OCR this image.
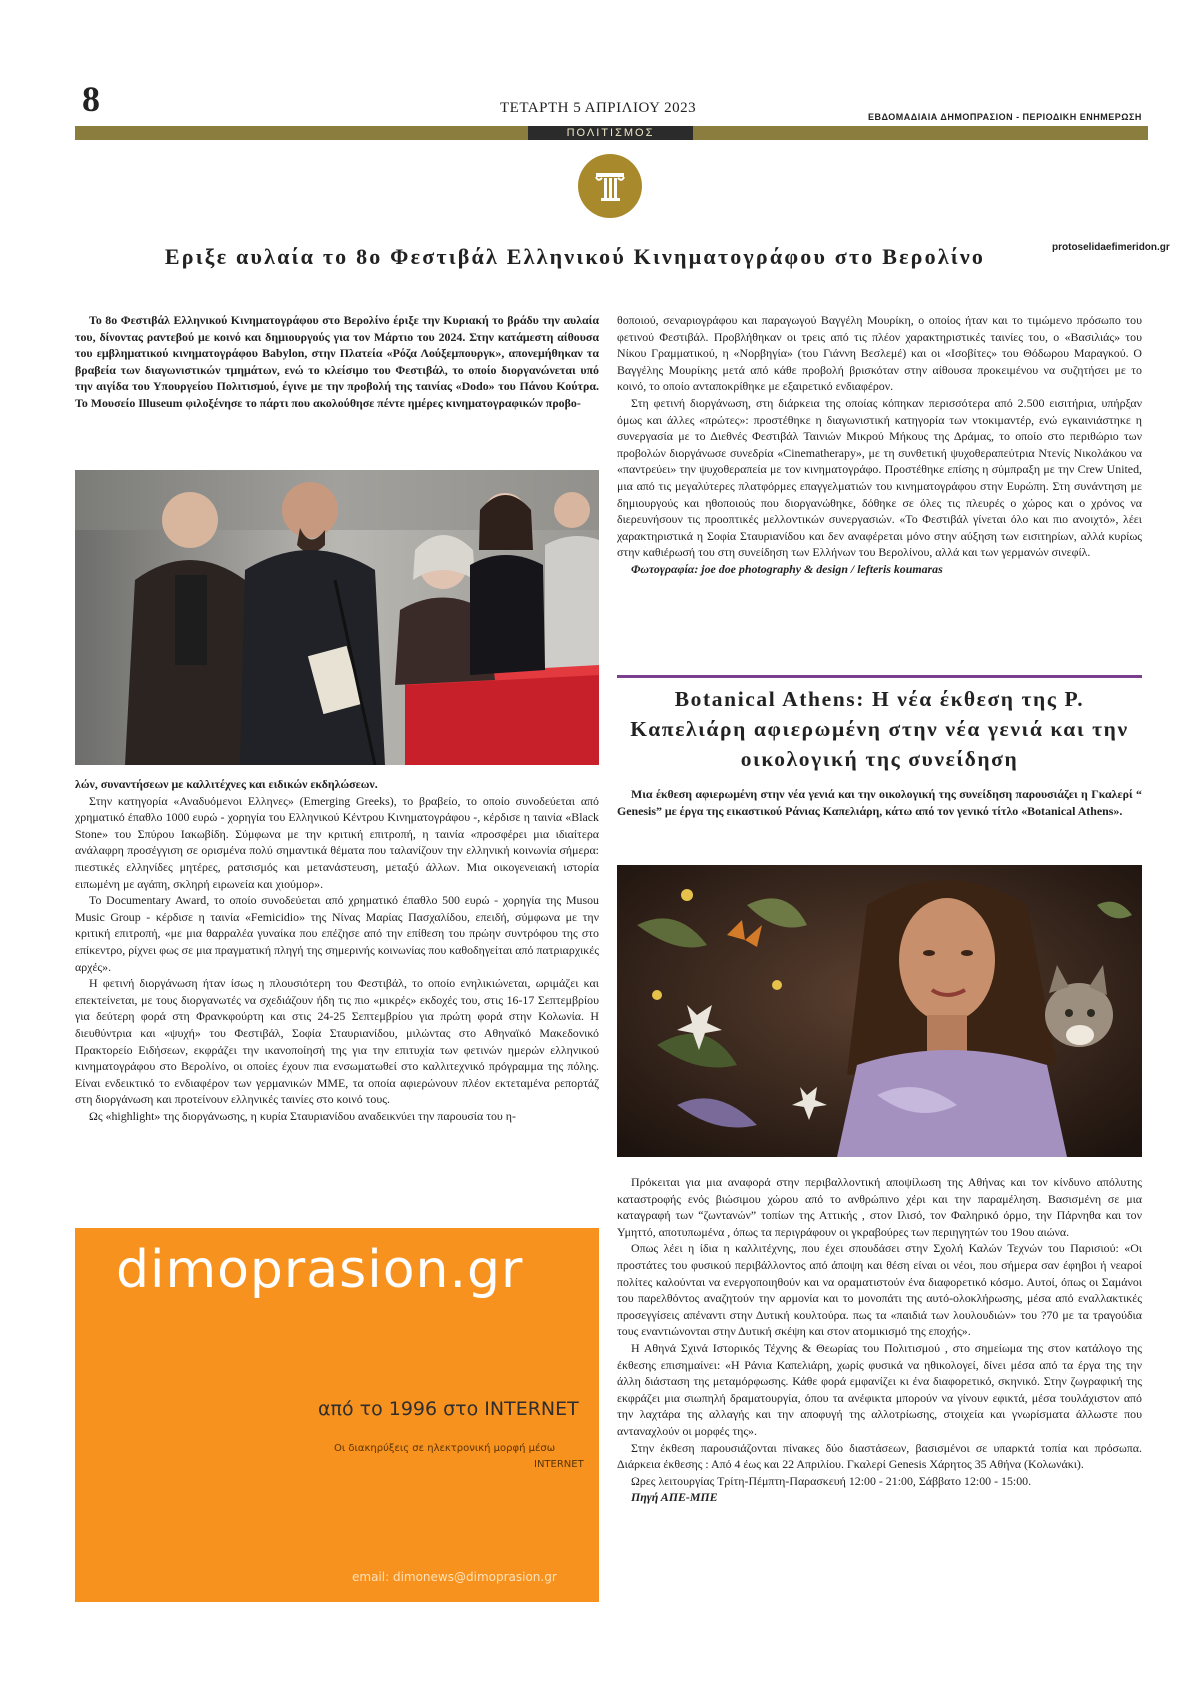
8	ΤΕΤΑΡΤΗ 5 ΑΠΡΙΛΙΟΥ 2023
ΕΒΔΟΜΑΔΙΑΙΑ ΔΗΜΟΠΡΑΣΙΟΝ - ΠΕΡΙΟΔΙΚΗ ΕΝΗΜΕΡΩΣΗ
ΠΟΛΙΤΙΣΜΟΣ
Εριξε αυλαία το 8ο Φεστιβάλ Ελληνικού Κινηματογράφου στο Βερολίνο	protoselidaefimeridon.gr

Το 8ο Φεστιβάλ Ελληνικού Κινηματογράφου στο Βερολίνο έριξε την Κυριακή το βράδυ την αυλαία του, δίνοντας ραντεβού με κοινό και δημιουργούς για τον Μάρτιο του 2024. Στην κατάμεστη αίθουσα του εμβληματικού κινηματογράφου Babylon, στην Πλατεία «Ρόζα Λούξεμπουργκ», απονεμήθηκαν τα βραβεία των διαγωνιστικών τμημάτων, ενώ το κλείσιμο του Φεστιβάλ, το οποίο διοργανώνεται υπό την αιγίδα του Υπουργείου Πολιτισμού, έγινε με την προβολή της ταινίας «Dodo» του Πάνου Κούτρα. Το Μουσείο Illuseum φιλοξένησε το πάρτι που ακολούθησε πέντε ημέρες κινηματογραφικών προβο-

λών, συναντήσεων με καλλιτέχνες και ειδικών εκδηλώσεων.

Στην κατηγορία «Αναδυόμενοι Ελληνες» (Emerging Greeks), το βραβείο, το οποίο συνοδεύεται από χρηματικό έπαθλο 1000 ευρώ - χορηγία του Ελληνικού Κέντρου Κινηματογράφου -, κέρδισε η ταινία «Black Stone» του Σπύρου Ιακωβίδη. Σύμφωνα με την κριτική επιτροπή, η ταινία «προσφέρει μια ιδιαίτερα ανάλαφρη προσέγγιση σε ορισμένα πολύ σημαντικά θέματα που ταλανίζουν την ελληνική κοινωνία σήμερα: πιεστικές ελληνίδες μητέρες, ρατσισμός και μετανάστευση, μεταξύ άλλων. Μια οικογενειακή ιστορία ειπωμένη με αγάπη, σκληρή ειρωνεία και χιούμορ».

Το Documentary Award, το οποίο συνοδεύεται από χρηματικό έπαθλο 500 ευρώ - χορηγία της Musou Music Group - κέρδισε η ταινία «Femicidio» της Νίνας Μαρίας Πασχαλίδου, επειδή, σύμφωνα με την κριτική επιτροπή, «με μια θαρραλέα γυναίκα που επέζησε από την επίθεση του πρώην συντρόφου της στο επίκεντρο, ρίχνει φως σε μια πραγματική πληγή της σημερινής κοινωνίας που καθοδηγείται από πατριαρχικές αρχές».

Η φετινή διοργάνωση ήταν ίσως η πλουσιότερη του Φεστιβάλ, το οποίο ενηλικιώνεται, ωριμάζει και επεκτείνεται, με τους διοργανωτές να σχεδιάζουν ήδη τις πιο «μικρές» εκδοχές του, στις 16-17 Σεπτεμβρίου για δεύτερη φορά στη Φρανκφούρτη και στις 24-25 Σεπτεμβρίου για πρώτη φορά στην Κολωνία. Η διευθύντρια και «ψυχή» του Φεστιβάλ, Σοφία Σταυριανίδου, μιλώντας στο Αθηναϊκό Μακεδονικό Πρακτορείο Ειδήσεων, εκφράζει την ικανοποίησή της για την επιτυχία των φετινών ημερών ελληνικού κινηματογράφου στο Βερολίνο, οι οποίες έχουν πια ενσωματωθεί στο καλλιτεχνικό πρόγραμμα της πόλης. Είναι ενδεικτικό το ενδιαφέρον των γερμανικών ΜΜΕ, τα οποία αφιερώνουν πλέον εκτεταμένα ρεπορτάζ στη διοργάνωση και προτείνουν ελληνικές ταινίες στο κοινό τους.

Ως «highlight» της διοργάνωσης, η κυρία Σταυριανίδου αναδεικνύει την παρουσία του η-

θοποιού, σεναριογράφου και παραγωγού Βαγγέλη Μουρίκη, ο οποίος ήταν και το τιμώμενο πρόσωπο του φετινού Φεστιβάλ. Προβλήθηκαν οι τρεις από τις πλέον χαρακτηριστικές ταινίες του, ο «Βασιλιάς» του Νίκου Γραμματικού, η «Νορβηγία» (του Γιάννη Βεσλεμέ) και οι «Ισοβίτες» του Θόδωρου Μαραγκού. Ο Βαγγέλης Μουρίκης μετά από κάθε προβολή βρισκόταν στην αίθουσα προκειμένου να συζητήσει με το κοινό, το οποίο ανταποκρίθηκε με εξαιρετικό ενδιαφέρον.

Στη φετινή διοργάνωση, στη διάρκεια της οποίας κόπηκαν περισσότερα από 2.500 εισιτήρια, υπήρξαν όμως και άλλες «πρώτες»: προστέθηκε η διαγωνιστική κατηγορία των ντοκιμαντέρ, ενώ εγκαινιάστηκε η συνεργασία με το Διεθνές Φεστιβάλ Ταινιών Μικρού Μήκους της Δράμας, το οποίο στο περιθώριο των προβολών διοργάνωσε συνεδρία «Cinematherapy», με τη συνθετική ψυχοθεραπεύτρια Ντενίς Νικολάκου να «παντρεύει» την ψυχοθεραπεία με τον κινηματογράφο. Προστέθηκε επίσης η σύμπραξη με την Crew United, μια από τις μεγαλύτερες πλατφόρμες επαγγελματιών του κινηματογράφου στην Ευρώπη. Στη συνάντηση με δημιουργούς και ηθοποιούς που διοργανώθηκε, δόθηκε σε όλες τις πλευρές ο χώρος και ο χρόνος να διερευνήσουν τις προοπτικές μελλοντικών συνεργασιών. «Το Φεστιβάλ γίνεται όλο και πιο ανοιχτό», λέει χαρακτηριστικά η Σοφία Σταυριανίδου και δεν αναφέρεται μόνο στην αύξηση των εισιτηρίων, αλλά κυρίως στην καθιέρωσή του στη συνείδηση των Ελλήνων του Βερολίνου, αλλά και των γερμανών σινεφίλ.

Φωτογραφία: joe doe photography & design / lefteris koumaras

Botanical Athens: Η νέα έκθεση της Ρ. Καπελιάρη αφιερωμένη στην νέα γενιά και την οικολογική της συνείδηση

Μια έκθεση αφιερωμένη στην νέα γενιά και την οικολογική της συνείδηση παρουσιάζει η Γκαλερί “ Genesis” με έργα της εικαστικού Ράνιας Καπελιάρη, κάτω από τον γενικό τίτλο «Botanical Athens».

Πρόκειται για μια αναφορά στην περιβαλλοντική αποψίλωση της Αθήνας και τον κίνδυνο απόλυτης καταστροφής ενός βιώσιμου χώρου από το ανθρώπινο χέρι και την παραμέληση. Βασισμένη σε μια καταγραφή των “ζωντανών” τοπίων της Αττικής , στον Ιλισό, τον Φαληρικό όρμο, την Πάρνηθα και τον Υμηττό, αποτυπωμένα , όπως τα περιγράφουν οι γκραβούρες των περιηγητών του 19ου αιώνα.

Οπως λέει η ίδια η καλλιτέχνης, που έχει σπουδάσει στην Σχολή Καλών Τεχνών του Παρισιού: «Οι προστάτες του φυσικού περιβάλλοντος από άποψη και θέση είναι οι νέοι, που σήμερα σαν έφηβοι ή νεαροί πολίτες καλούνται να ενεργοποιηθούν και να οραματιστούν ένα διαφορετικό κόσμο. Αυτοί, όπως οι Σαμάνοι του παρελθόντος αναζητούν την αρμονία και το μονοπάτι της αυτό-ολοκλήρωσης, μέσα από εναλλακτικές προσεγγίσεις απέναντι στην Δυτική κουλτούρα. πως τα «παιδιά των λουλουδιών» του ?70 με τα τραγούδια τους εναντιώνονται στην Δυτική σκέψη και στον ατομικισμό της εποχής».

Η Αθηνά Σχινά Ιστορικός Τέχνης & Θεωρίας του Πολιτισμού , στο σημείωμα της στον κατάλογο της έκθεσης επισημαίνει: «Η Ράνια Καπελιάρη, χωρίς φυσικά να ηθικολογεί, δίνει μέσα από τα έργα της την άλλη διάσταση της μεταμόρφωσης. Κάθε φορά εμφανίζει κι ένα διαφορετικό, σκηνικό. Στην ζωγραφική της εκφράζει μια σιωπηλή δραματουργία, όπου τα ανέφικτα μπορούν να γίνουν εφικτά, μέσα τουλάχιστον από την λαχτάρα της αλλαγής και την αποφυγή της αλλοτρίωσης, στοιχεία και γνωρίσματα άλλωστε που ανταναχλούν οι μορφές της».

Στην έκθεση παρουσιάζονται πίνακες δύο διαστάσεων, βασισμένοι σε υπαρκτά τοπία και πρόσωπα. Διάρκεια έκθεσης : Από 4 έως και 22 Απριλίου. Γκαλερί Genesis Χάρητος 35 Αθήνα (Κολωνάκι).

Ωρες λειτουργίας Τρίτη-Πέμπτη-Παρασκευή 12:00 - 21:00, Σάββατο 12:00 - 15:00.

Πηγή ΑΠΕ-ΜΠΕ

dimoprasion.gr
από το 1996 στο INTERNET
Οι διακηρύξεις σε ηλεκτρονική μορφή μέσω
INTERNET
email: dimonews@dimoprasion.gr
